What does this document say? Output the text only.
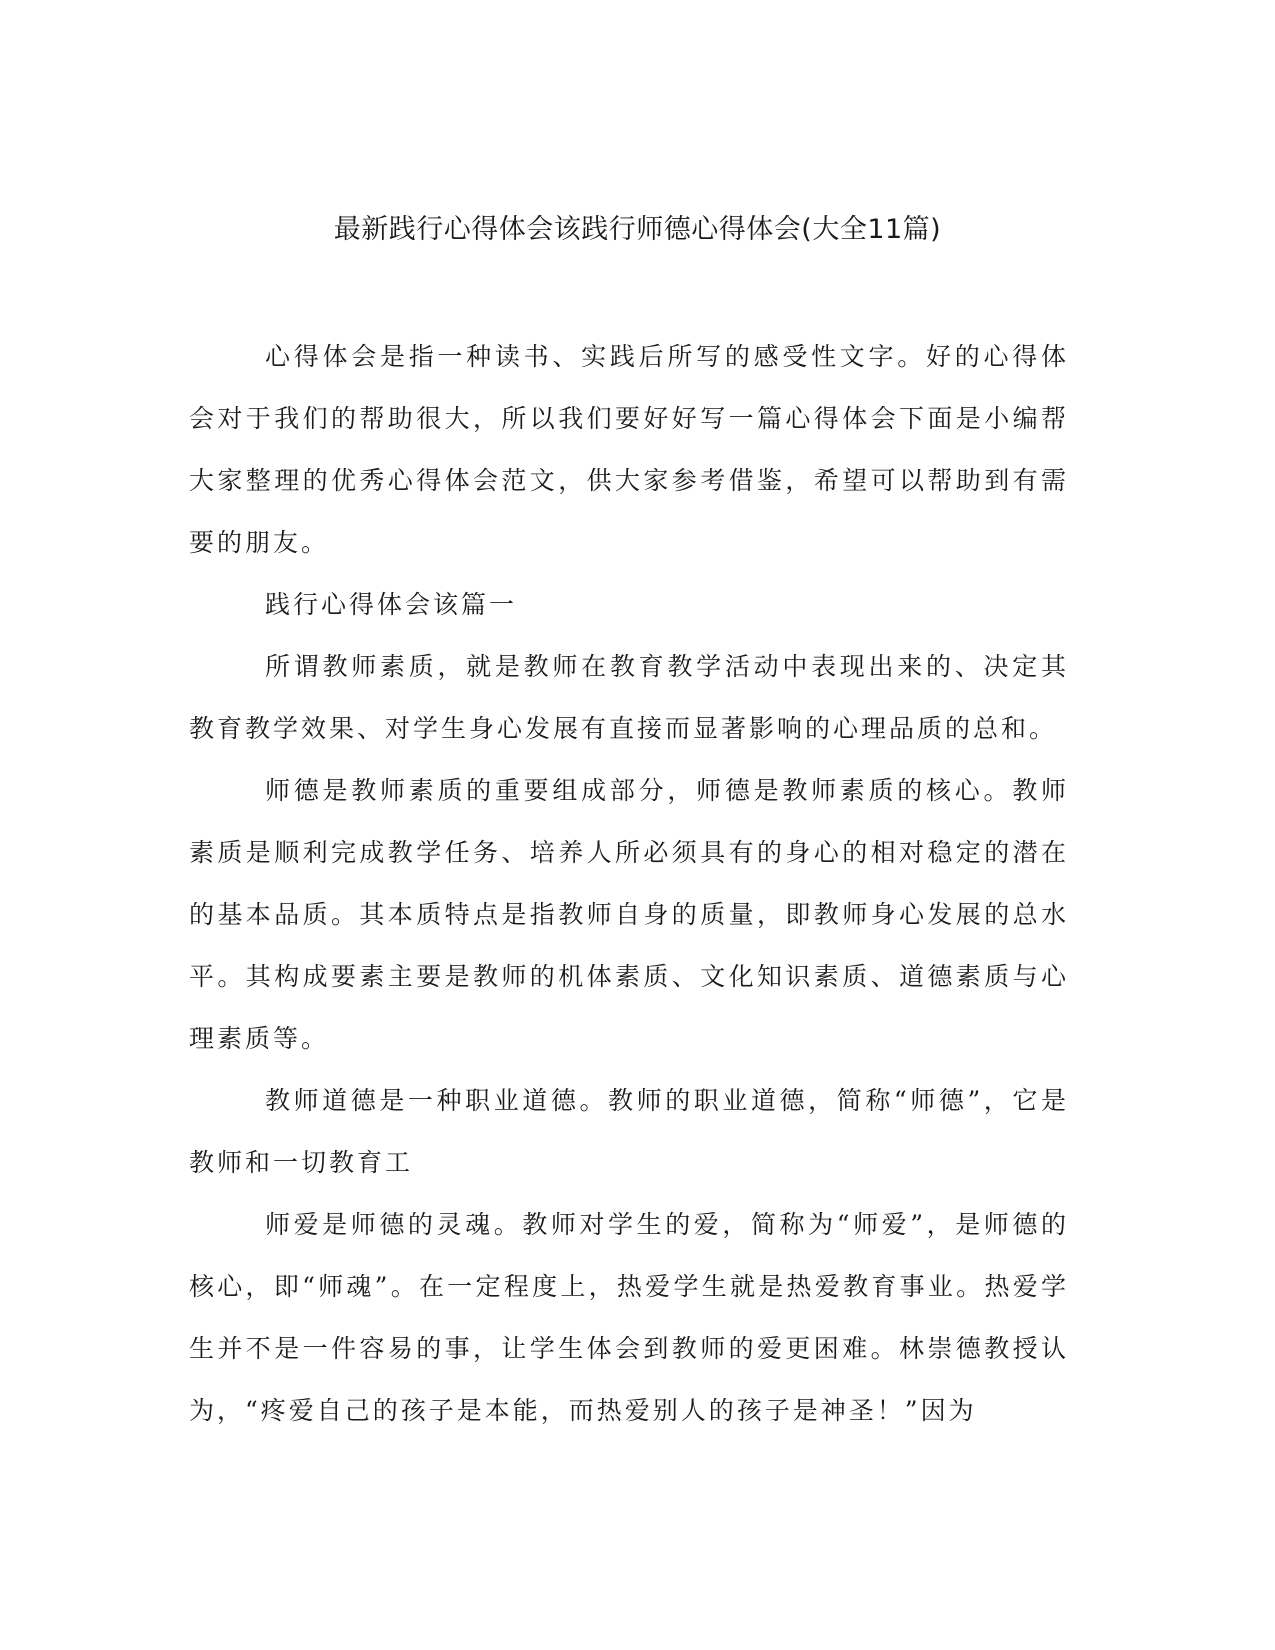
最新践行心得体会该践行师德心得体会(大全11篇)

心得体会是指一种读书、实践后所写的感受性文字。好的心得体会对于我们的帮助很大，所以我们要好好写一篇心得体会下面是小编帮大家整理的优秀心得体会范文，供大家参考借鉴，希望可以帮助到有需要的朋友。

践行心得体会该篇一

所谓教师素质，就是教师在教育教学活动中表现出来的、决定其教育教学效果、对学生身心发展有直接而显著影响的心理品质的总和。

师德是教师素质的重要组成部分，师德是教师素质的核心。教师素质是顺利完成教学任务、培养人所必须具有的身心的相对稳定的潜在的基本品质。其本质特点是指教师自身的质量，即教师身心发展的总水平。其构成要素主要是教师的机体素质、文化知识素质、道德素质与心理素质等。

教师道德是一种职业道德。教师的职业道德，简称“师德”，它是教师和一切教育工

师爱是师德的灵魂。教师对学生的爱，简称为“师爱”，是师德的核心，即“师魂”。在一定程度上，热爱学生就是热爱教育事业。热爱学生并不是一件容易的事，让学生体会到教师的爱更困难。林崇德教授认为，“疼爱自己的孩子是本能，而热爱别人的孩子是神圣！”因为
